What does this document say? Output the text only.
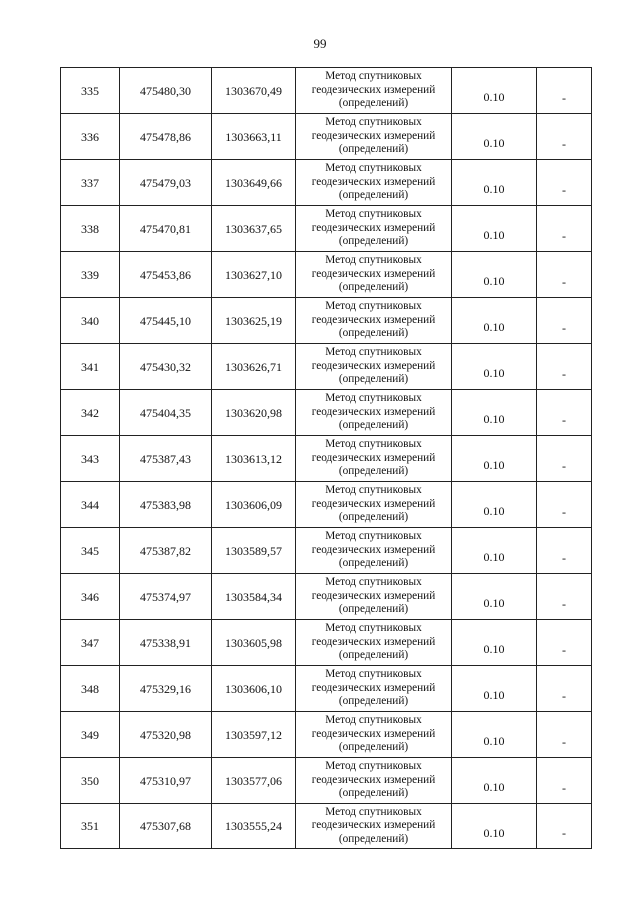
99
335	475480,30	1303670,49	Метод спутниковых
геодезических измерений
(определений)	0.10	-

336	475478,86	1303663,11	Метод спутниковых
геодезических измерений
(определений)	0.10	-

337	475479,03	1303649,66	Метод спутниковых
геодезических измерений
(определений)	0.10	-

338	475470,81	1303637,65	Метод спутниковых
геодезических измерений
(определений)	0.10	-

339	475453,86	1303627,10	Метод спутниковых
геодезических измерений
(определений)	0.10	-

340	475445,10	1303625,19	Метод спутниковых
геодезических измерений
(определений)	0.10	-

341	475430,32	1303626,71	Метод спутниковых
геодезических измерений
(определений)	0.10	-

342	475404,35	1303620,98	Метод спутниковых
геодезических измерений
(определений)	0.10	-

343	475387,43	1303613,12	Метод спутниковых
геодезических измерений
(определений)	0.10	-

344	475383,98	1303606,09	Метод спутниковых
геодезических измерений
(определений)	0.10	-

345	475387,82	1303589,57	Метод спутниковых
геодезических измерений
(определений)	0.10	-

346	475374,97	1303584,34	Метод спутниковых
геодезических измерений
(определений)	0.10	-

347	475338,91	1303605,98	Метод спутниковых
геодезических измерений
(определений)	0.10	-

348	475329,16	1303606,10	Метод спутниковых
геодезических измерений
(определений)	0.10	-

349	475320,98	1303597,12	Метод спутниковых
геодезических измерений
(определений)	0.10	-

350	475310,97	1303577,06	Метод спутниковых
геодезических измерений
(определений)	0.10	-

351	475307,68	1303555,24	Метод спутниковых
геодезических измерений
(определений)	0.10	-
